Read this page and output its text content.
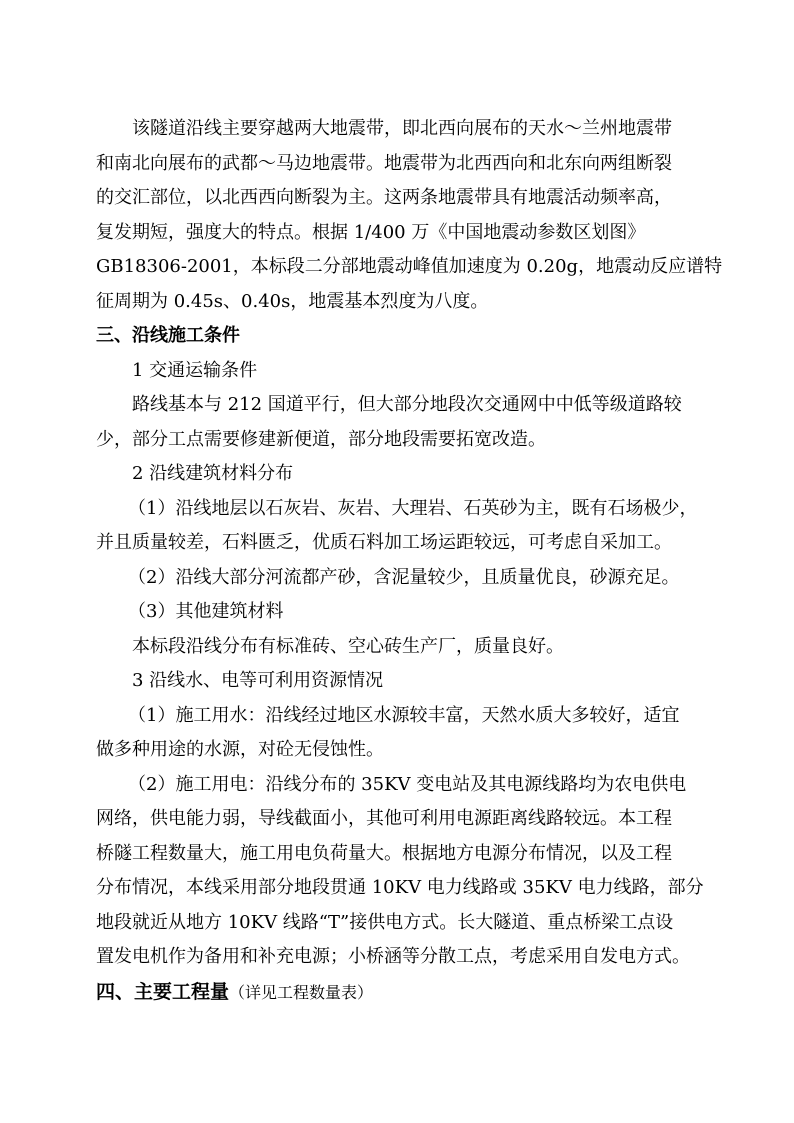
该隧道沿线主要穿越两大地震带，即北西向展布的天水～兰州地震带

和南北向展布的武都～马边地震带。地震带为北西西向和北东向两组断裂

的交汇部位，以北西西向断裂为主。这两条地震带具有地震活动频率高，

复发期短，强度大的特点。根据 1/400 万《中国地震动参数区划图》

GB18306-2001，本标段二分部地震动峰值加速度为 0.20g，地震动反应谱特

征周期为 0.45s、0.40s，地震基本烈度为八度。

三、沿线施工条件

1 交通运输条件

路线基本与 212 国道平行，但大部分地段次交通网中中低等级道路较

少，部分工点需要修建新便道，部分地段需要拓宽改造。

2 沿线建筑材料分布

（1）沿线地层以石灰岩、灰岩、大理岩、石英砂为主，既有石场极少，

并且质量较差，石料匮乏，优质石料加工场运距较远，可考虑自采加工。

（2）沿线大部分河流都产砂，含泥量较少，且质量优良，砂源充足。

（3）其他建筑材料

本标段沿线分布有标准砖、空心砖生产厂，质量良好。

3 沿线水、电等可利用资源情况

（1）施工用水：沿线经过地区水源较丰富，天然水质大多较好，适宜

做多种用途的水源，对砼无侵蚀性。

（2）施工用电：沿线分布的 35KV 变电站及其电源线路均为农电供电

网络，供电能力弱，导线截面小，其他可利用电源距离线路较远。本工程

桥隧工程数量大，施工用电负荷量大。根据地方电源分布情况，以及工程

分布情况，本线采用部分地段贯通 10KV 电力线路或 35KV 电力线路，部分

地段就近从地方 10KV 线路“T”接供电方式。长大隧道、重点桥梁工点设

置发电机作为备用和补充电源；小桥涵等分散工点，考虑采用自发电方式。

四、主要工程量（详见工程数量表）
